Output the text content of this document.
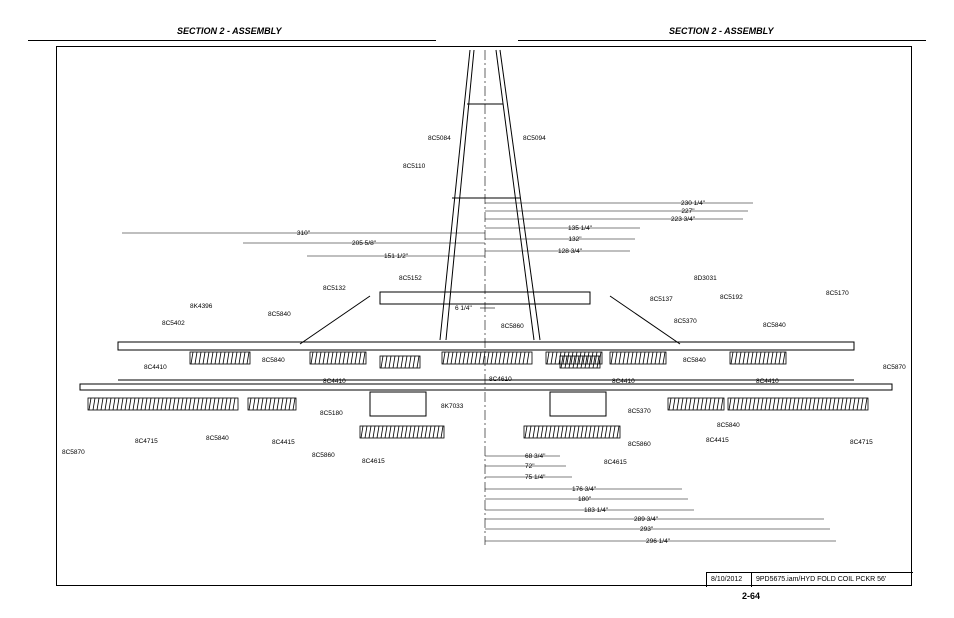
SECTION 2 - ASSEMBLY	SECTION 2 - ASSEMBLY
310"
205 5/8"
151 1/2"
230 1/4"
227"
223 3/4"
135 1/4"
132"
128 3/4"
6 1/4"
68 3/4"
72"
75 1/4"
176 3/4"
180"
183 1/4"
289 3/4"
293"
296 1/4"
8C5084	8C5094
8C5110
8C5152
8C5132
8K4396
8C5402
8C5840
8C4410
8C5840
8C4410
8C5180
8C4715	8C5840
8C4415
8C5860
8C4615
8C5870
8K7033
8C5860
8C4610
8D3031
8C5137	8C5192
8C5370
8C5840
8C5840
8C4410	8C4410
8C5170
8C5870
8C5370
8C5860
8C4615
8C4415
8C5840
8C4715
8/10/2012 9PD5675.iam/HYD FOLD COIL PCKR 56'
2-64
